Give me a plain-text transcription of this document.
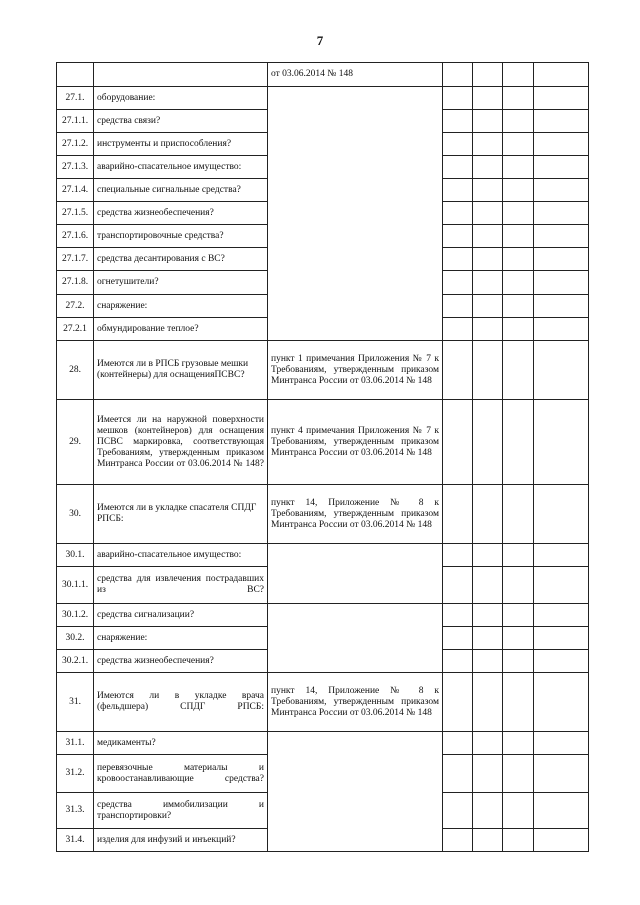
7
		от 03.06.2014 № 148				
27.1.	оборудование:					
27.1.1.	средства связи?					
27.1.2.	инструменты и приспособления?					
27.1.3.	аварийно-спасательное имущество:					
27.1.4.	специальные сигнальные средства?					
27.1.5.	средства жизнеобеспечения?					
27.1.6.	транспортировочные средства?					
27.1.7.	средства десантирования с ВС?					
27.1.8.	огнетушители?					
27.2.	снаряжение:					
27.2.1	обмундирование теплое?					
28.	Имеются ли в РПСБ грузовые мешки (контейнеры) для оснащенияПСВС?	пункт 1 примечания Приложения № 7 к Требованиям, утвержденным приказом Минтранса России от 03.06.2014 № 148				
29.	Имеется ли на наружной поверхности мешков (контейнеров) для оснащения ПСВС маркировка, соответствующая Требованиям, утвержденным приказом Минтранса России от 03.06.2014 № 148?	пункт 4 примечания Приложения № 7 к Требованиям, утвержденным приказом Минтранса России от 03.06.2014 № 148				
30.	Имеются ли в укладке спасателя СПДГ РПСБ:	пункт 14, Приложение № 8 к Требованиям, утвержденным приказом Минтранса России от 03.06.2014 № 148				
30.1.	аварийно-спасательное имущество:					
30.1.1.	средства для извлечения пострадавших из ВС?					
30.1.2.	средства сигнализации?					
30.2.	снаряжение:					
30.2.1.	средства жизнеобеспечения?					
31.	Имеются ли в укладке врача (фельдшера) СПДГ РПСБ:	пункт 14, Приложение № 8 к Требованиям, утвержденным приказом Минтранса России от 03.06.2014 № 148				
31.1.	медикаменты?					
31.2.	перевязочные материалы и кровоостанавливающие средства?					
31.3.	средства иммобилизации и транспортировки?					
31.4.	изделия для инфузий и инъекций?					
